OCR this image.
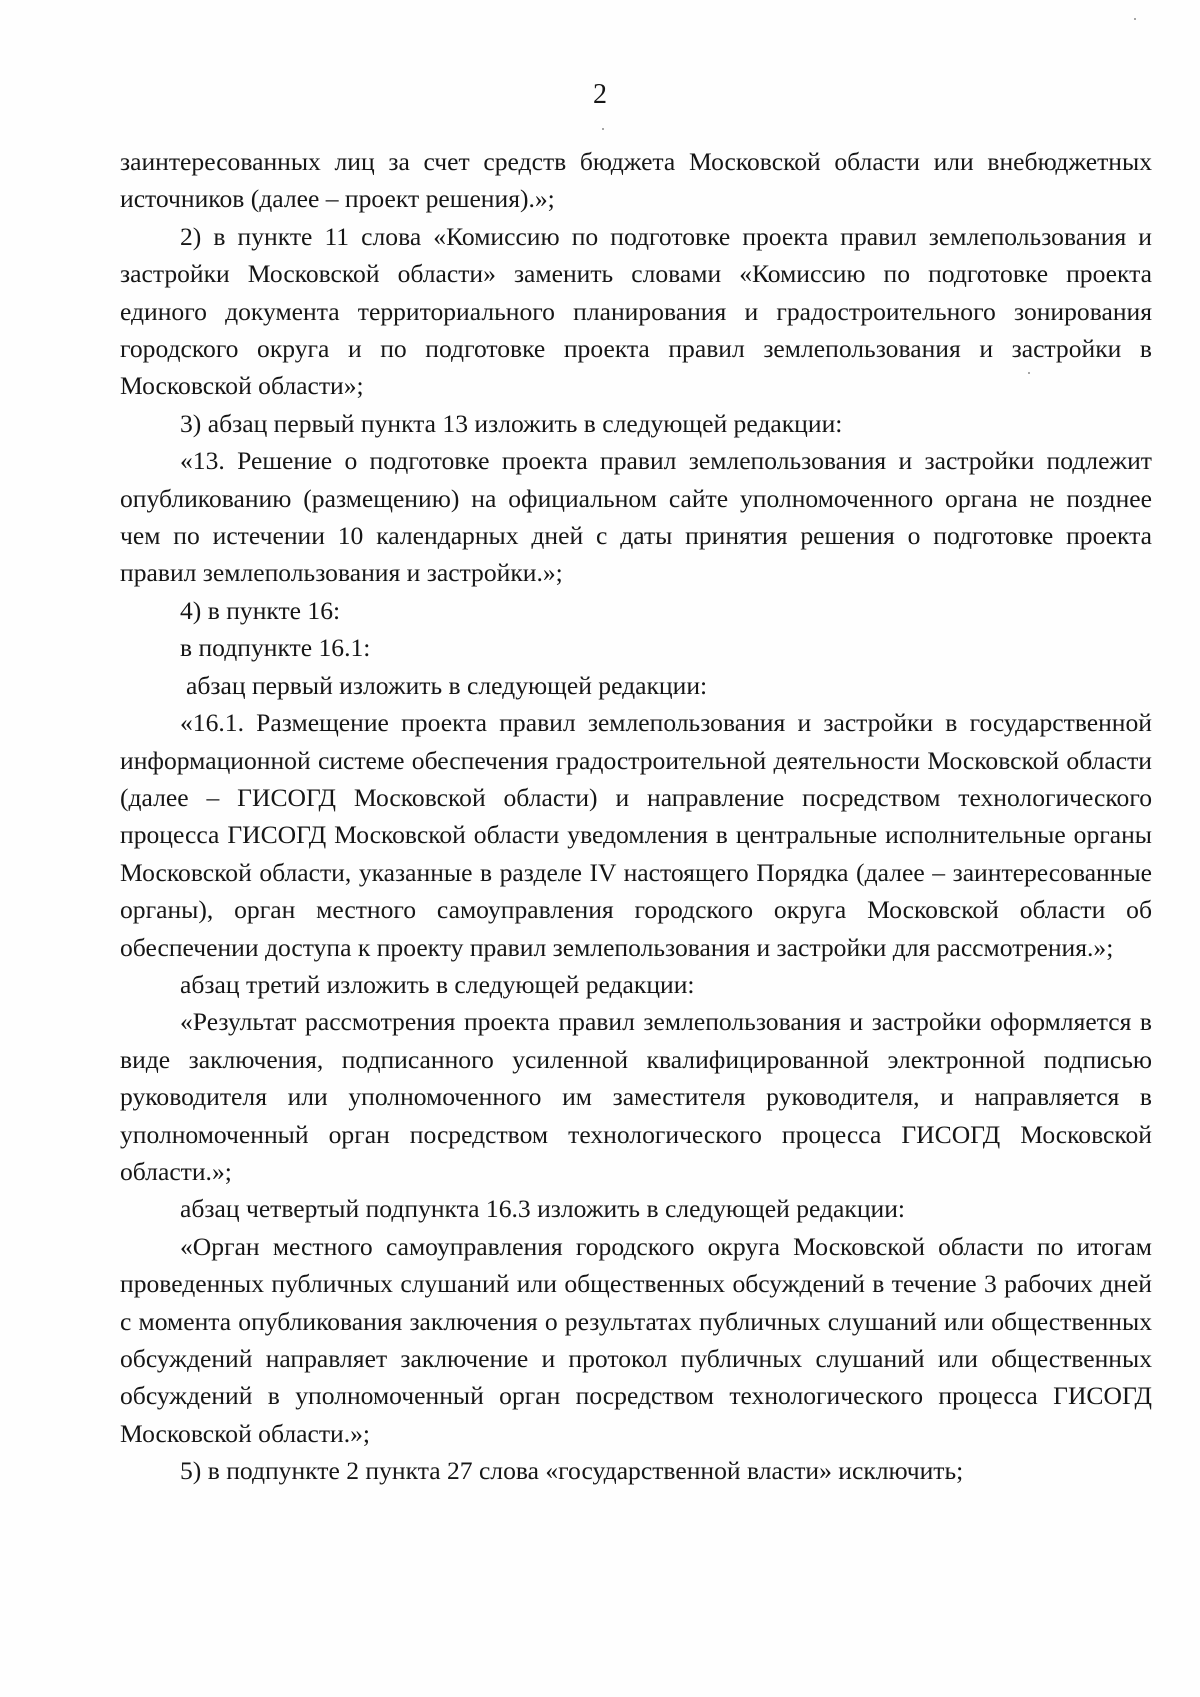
2

заинтересованных лиц за счет средств бюджета Московской области или внебюджетных источников (далее – проект решения).»;

2) в пункте 11 слова «Комиссию по подготовке проекта правил землепользования и застройки Московской области» заменить словами «Комиссию по подготовке проекта единого документа территориального планирования и градостроительного зонирования городского округа и по подготовке проекта правил землепользования и застройки в Московской области»;

3) абзац первый пункта 13 изложить в следующей редакции:

«13. Решение о подготовке проекта правил землепользования и застройки подлежит опубликованию (размещению) на официальном сайте уполномоченного органа не позднее чем по истечении 10 календарных дней с даты принятия решения о подготовке проекта правил землепользования и застройки.»;

4) в пункте 16:

в подпункте 16.1:

абзац первый изложить в следующей редакции:

«16.1. Размещение проекта правил землепользования и застройки в государственной информационной системе обеспечения градостроительной деятельности Московской области (далее – ГИСОГД Московской области) и направление посредством технологического процесса ГИСОГД Московской области уведомления в центральные исполнительные органы Московской области, указанные в разделе IV настоящего Порядка (далее – заинтересованные органы), орган местного самоуправления городского округа Московской области об обеспечении доступа к проекту правил землепользования и застройки для рассмотрения.»;

абзац третий изложить в следующей редакции:

«Результат рассмотрения проекта правил землепользования и застройки оформляется в виде заключения, подписанного усиленной квалифицированной электронной подписью руководителя или уполномоченного им заместителя руководителя, и направляется в уполномоченный орган посредством технологического процесса ГИСОГД Московской области.»;

абзац четвертый подпункта 16.3 изложить в следующей редакции:

«Орган местного самоуправления городского округа Московской области по итогам проведенных публичных слушаний или общественных обсуждений в течение 3 рабочих дней с момента опубликования заключения о результатах публичных слушаний или общественных обсуждений направляет заключение и протокол публичных слушаний или общественных обсуждений в уполномоченный орган посредством технологического процесса ГИСОГД Московской области.»;

5) в подпункте 2 пункта 27 слова «государственной власти» исключить;
